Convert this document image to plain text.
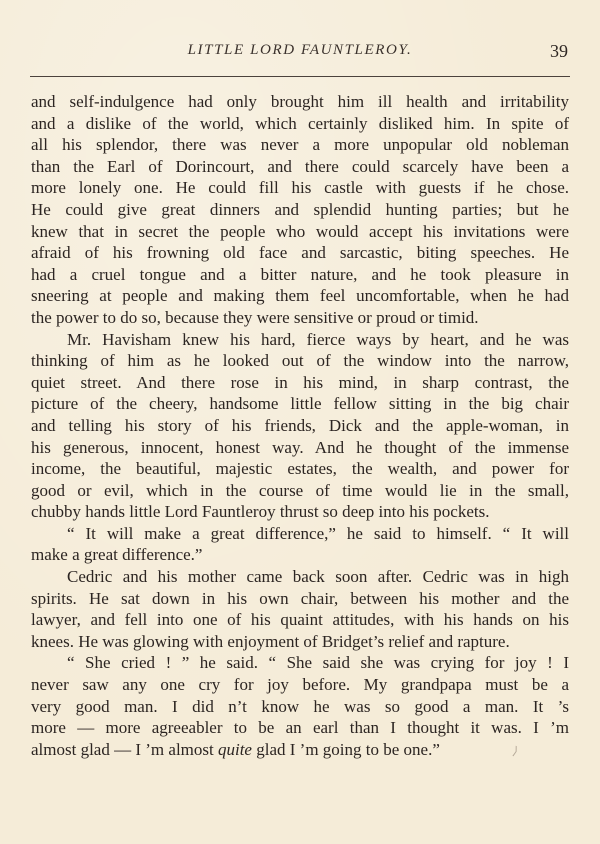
LITTLE LORD FAUNTLEROY.	39
and self-indulgence had only brought him ill health and irritability
and a dislike of the world, which certainly disliked him. In spite of
all his splendor, there was never a more unpopular old nobleman
than the Earl of Dorincourt, and there could scarcely have been a
more lonely one. He could fill his castle with guests if he chose.
He could give great dinners and splendid hunting parties; but he
knew that in secret the people who would accept his invitations were
afraid of his frowning old face and sarcastic, biting speeches. He
had a cruel tongue and a bitter nature, and he took pleasure in
sneering at people and making them feel uncomfortable, when he had
the power to do so, because they were sensitive or proud or timid.
Mr. Havisham knew his hard, fierce ways by heart, and he was
thinking of him as he looked out of the window into the narrow,
quiet street. And there rose in his mind, in sharp contrast, the
picture of the cheery, handsome little fellow sitting in the big chair
and telling his story of his friends, Dick and the apple-woman, in
his generous, innocent, honest way. And he thought of the immense
income, the beautiful, majestic estates, the wealth, and power for
good or evil, which in the course of time would lie in the small,
chubby hands little Lord Fauntleroy thrust so deep into his pockets.
“ It will make a great difference,” he said to himself. “ It will
make a great difference.”
Cedric and his mother came back soon after. Cedric was in high
spirits. He sat down in his own chair, between his mother and the
lawyer, and fell into one of his quaint attitudes, with his hands on his
knees. He was glowing with enjoyment of Bridget’s relief and rapture.
“ She cried ! ” he said. “ She said she was crying for joy ! I
never saw any one cry for joy before. My grandpapa must be a
very good man. I did n’t know he was so good a man. It ’s
more — more agreeabler to be an earl than I thought it was. I ’m
almost glad — I ’m almost quite glad I ’m going to be one.”	⟩
